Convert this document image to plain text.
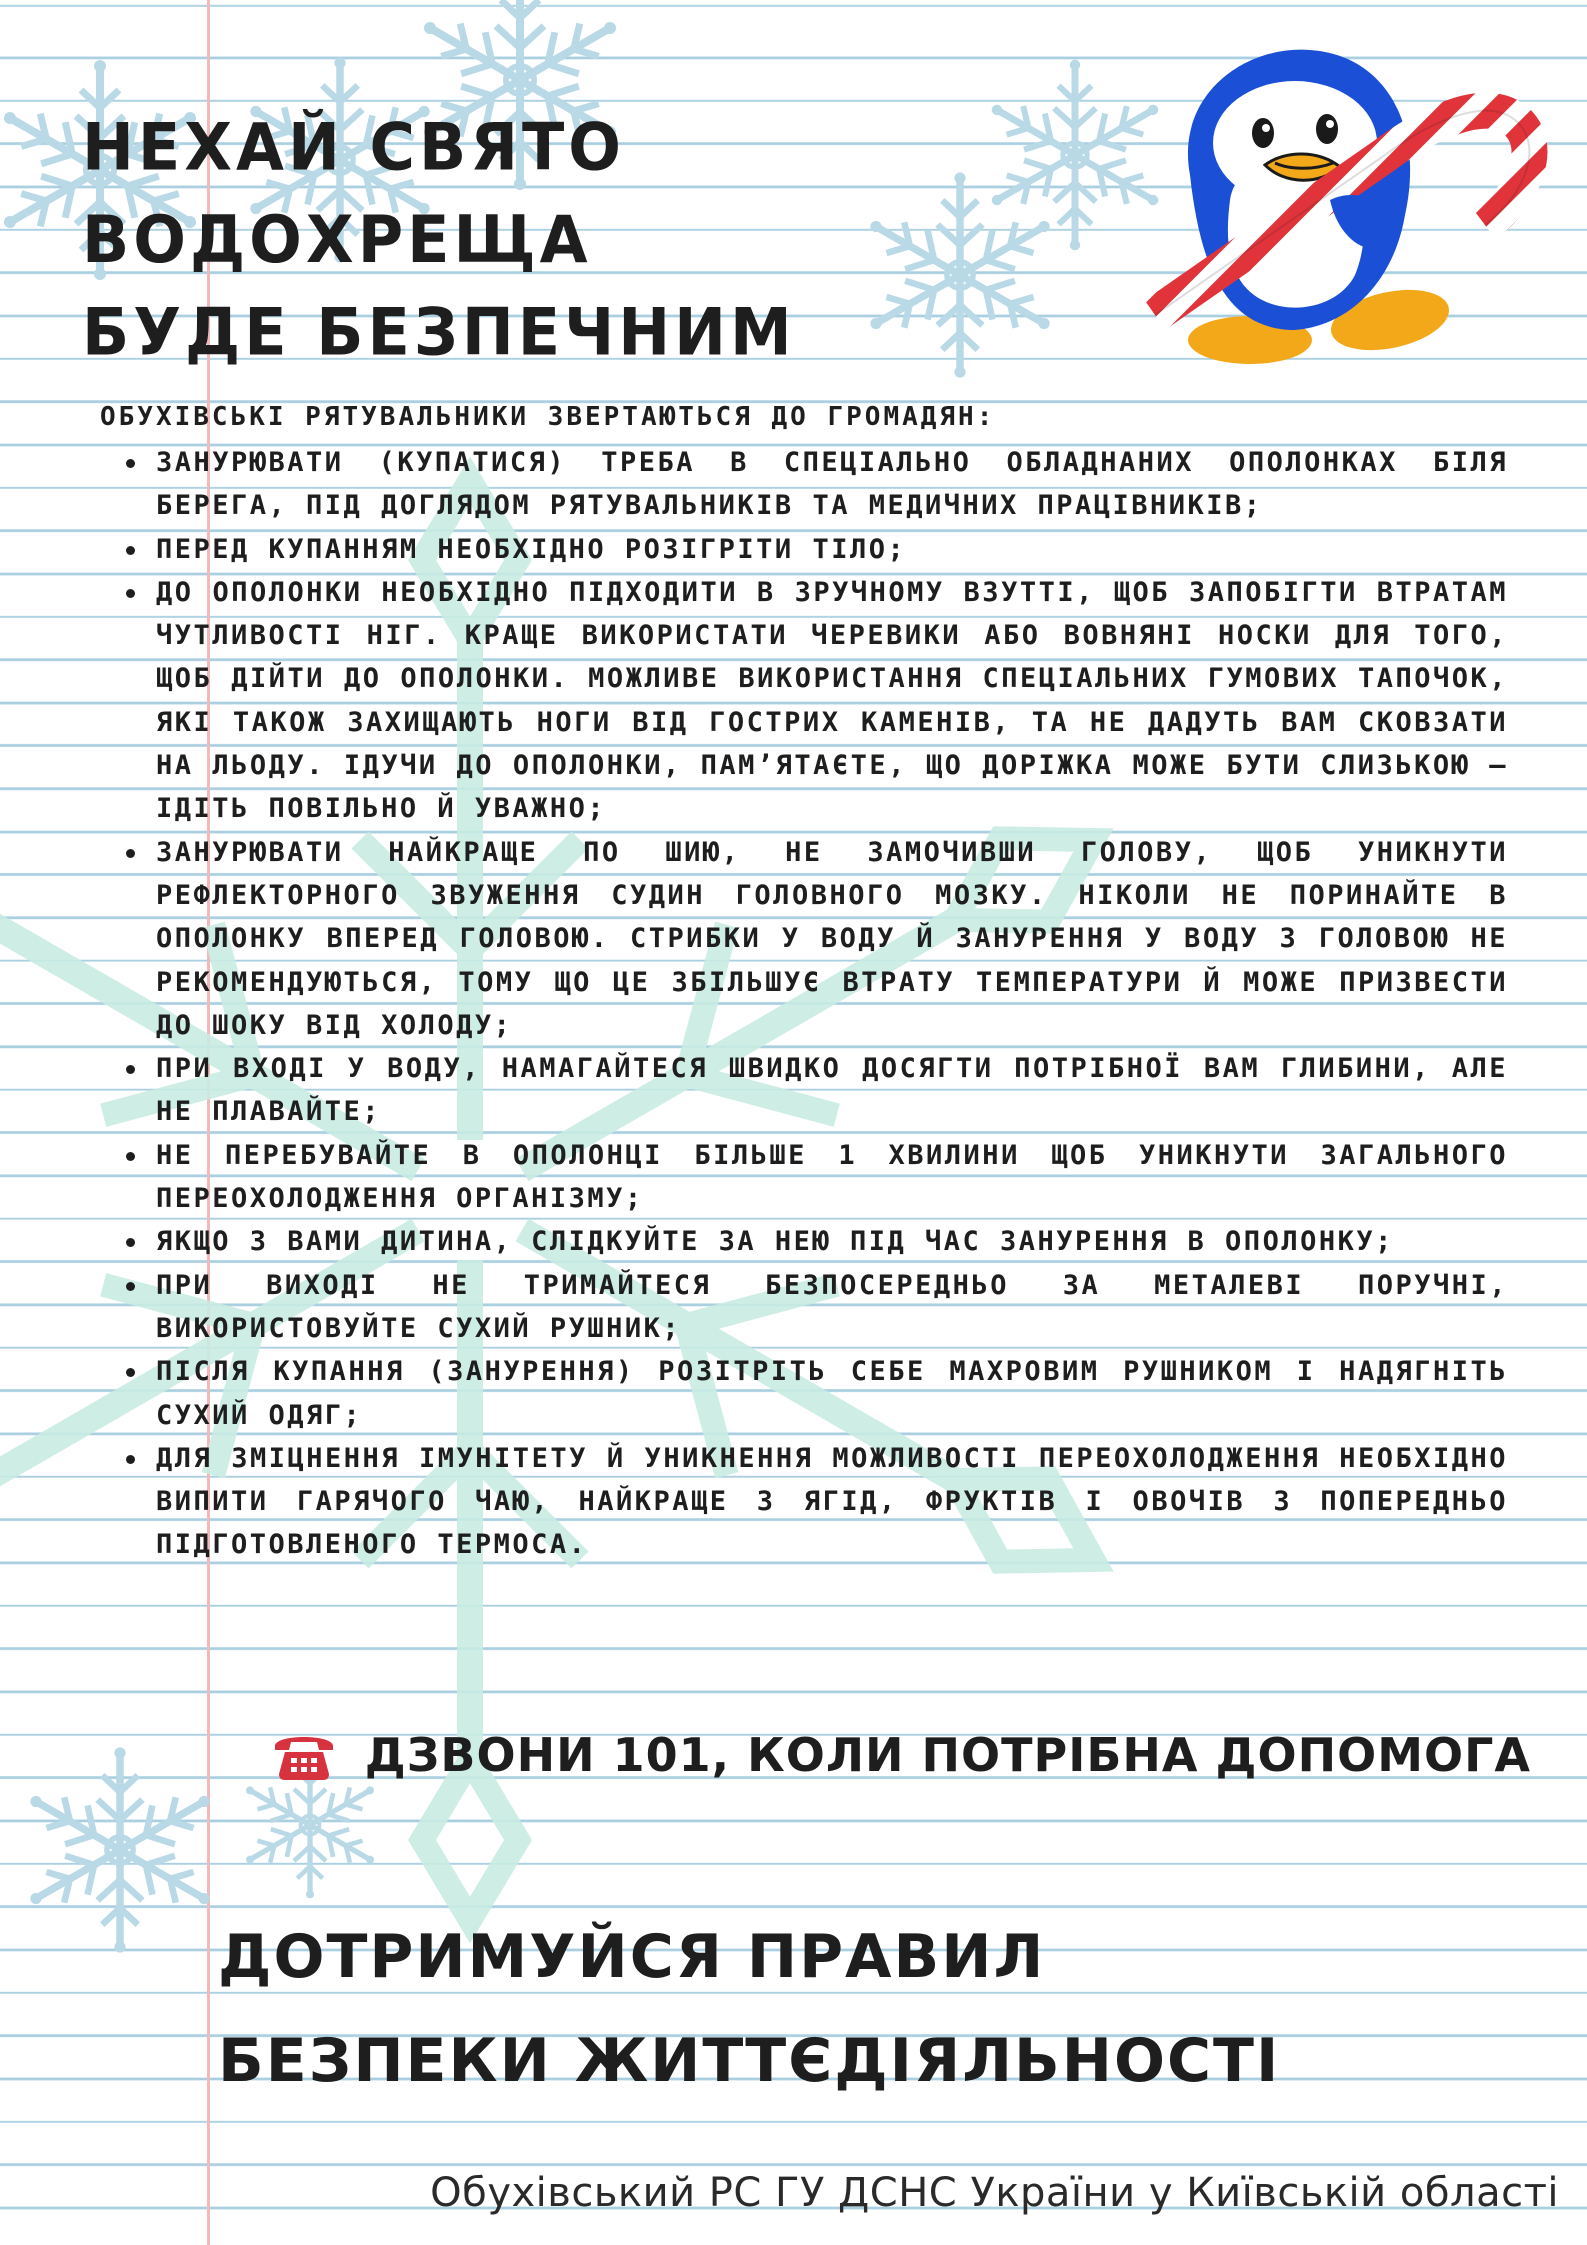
НЕХАЙ СВЯТО ВОДОХРЕЩА
БУДЕ БЕЗПЕЧНИМ

ОБУХІВСЬКІ РЯТУВАЛЬНИКИ ЗВЕРТАЮТЬСЯ ДО ГРОМАДЯН:

ЗАНУРЮВАТИ (КУПАТИСЯ) ТРЕБА В СПЕЦІАЛЬНО ОБЛАДНАНИХ ОПОЛОНКАХ БІЛЯ БЕРЕГА, ПІД ДОГЛЯДОМ РЯТУВАЛЬНИКІВ ТА МЕДИЧНИХ ПРАЦІВНИКІВ;
ПЕРЕД КУПАННЯМ НЕОБХІДНО РОЗІГРІТИ ТІЛО;
ДО ОПОЛОНКИ НЕОБХІДНО ПІДХОДИТИ В ЗРУЧНОМУ ВЗУТТІ, ЩОБ ЗАПОБІГТИ ВТРАТАМ ЧУТЛИВОСТІ НІГ. КРАЩЕ ВИКОРИСТАТИ ЧЕРЕВИКИ АБО ВОВНЯНІ НОСКИ ДЛЯ ТОГО, ЩОБ ДІЙТИ ДО ОПОЛОНКИ. МОЖЛИВЕ ВИКОРИСТАННЯ СПЕЦІАЛЬНИХ ГУМОВИХ ТАПОЧОК, ЯКІ ТАКОЖ ЗАХИЩАЮТЬ НОГИ ВІД ГОСТРИХ КАМЕНІВ, ТА НЕ ДАДУТЬ ВАМ СКОВЗАТИ НА ЛЬОДУ. ІДУЧИ ДО ОПОЛОНКИ, ПАМ’ЯТАЄТЕ, ЩО ДОРІЖКА МОЖЕ БУТИ СЛИЗЬКОЮ – ІДІТЬ ПОВІЛЬНО Й УВАЖНО;
ЗАНУРЮВАТИ НАЙКРАЩЕ ПО ШИЮ, НЕ ЗАМОЧИВШИ ГОЛОВУ, ЩОБ УНИКНУТИ РЕФЛЕКТОРНОГО ЗВУЖЕННЯ СУДИН ГОЛОВНОГО МОЗКУ. НІКОЛИ НЕ ПОРИНАЙТЕ В ОПОЛОНКУ ВПЕРЕД ГОЛОВОЮ. СТРИБКИ У ВОДУ Й ЗАНУРЕННЯ У ВОДУ З ГОЛОВОЮ НЕ РЕКОМЕНДУЮТЬСЯ, ТОМУ ЩО ЦЕ ЗБІЛЬШУЄ ВТРАТУ ТЕМПЕРАТУРИ Й МОЖЕ ПРИЗВЕСТИ ДО ШОКУ ВІД ХОЛОДУ;
ПРИ ВХОДІ У ВОДУ, НАМАГАЙТЕСЯ ШВИДКО ДОСЯГТИ ПОТРІБНОЇ ВАМ ГЛИБИНИ, АЛЕ НЕ ПЛАВАЙТЕ;
НЕ ПЕРЕБУВАЙТЕ В ОПОЛОНЦІ БІЛЬШЕ 1 ХВИЛИНИ ЩОБ УНИКНУТИ ЗАГАЛЬНОГО ПЕРЕОХОЛОДЖЕННЯ ОРГАНІЗМУ;
ЯКЩО З ВАМИ ДИТИНА, СЛІДКУЙТЕ ЗА НЕЮ ПІД ЧАС ЗАНУРЕННЯ В ОПОЛОНКУ;
ПРИ ВИХОДІ НЕ ТРИМАЙТЕСЯ БЕЗПОСЕРЕДНЬО ЗА МЕТАЛЕВІ ПОРУЧНІ, ВИКОРИСТОВУЙТЕ СУХИЙ РУШНИК;
ПІСЛЯ КУПАННЯ (ЗАНУРЕННЯ) РОЗІТРІТЬ СЕБЕ МАХРОВИМ РУШНИКОМ І НАДЯГНІТЬ СУХИЙ ОДЯГ;
ДЛЯ ЗМІЦНЕННЯ ІМУНІТЕТУ Й УНИКНЕННЯ МОЖЛИВОСТІ ПЕРЕОХОЛОДЖЕННЯ НЕОБХІДНО ВИПИТИ ГАРЯЧОГО ЧАЮ, НАЙКРАЩЕ З ЯГІД, ФРУКТІВ І ОВОЧІВ З ПОПЕРЕДНЬО ПІДГОТОВЛЕНОГО ТЕРМОСА.
ДЗВОНИ 101, КОЛИ ПОТРІБНА ДОПОМОГА
ДОТРИМУЙСЯ ПРАВИЛ
БЕЗПЕКИ ЖИТТЄДІЯЛЬНОСТІ

Обухівський РС ГУ ДСНС України у Київській області
